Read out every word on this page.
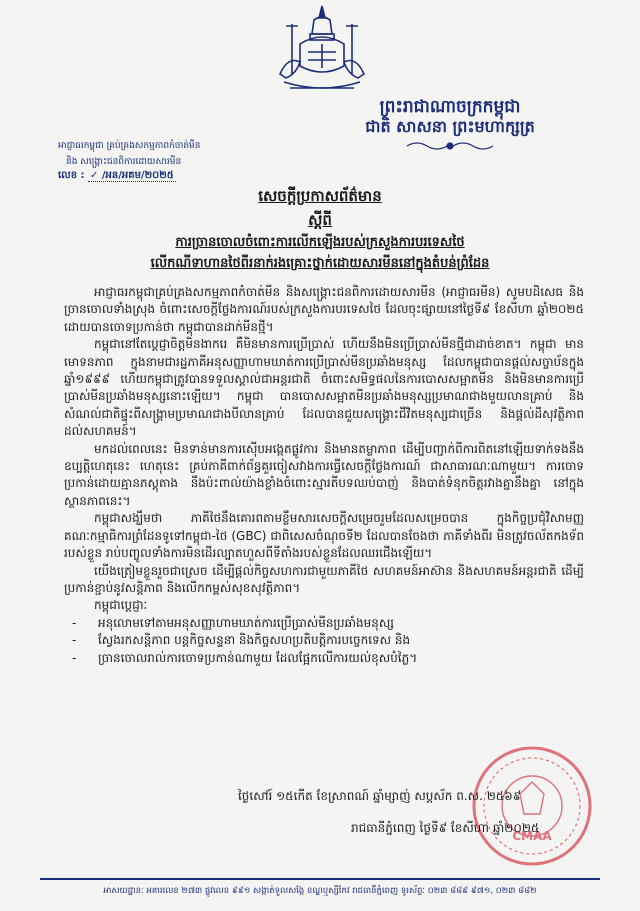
ព្រះរាជាណាចក្រកម្ពុជា
ជាតិ សាសនា ព្រះមហាក្សត្រ
អាជ្ញាធរកម្ពុជា គ្រប់គ្រងសកម្មភាពកំចាត់មីន
និង សង្គ្រោះជនពិការដោយសារមីន
លេខ : ✓ /អន/អគម/២០២៥
សេចក្ដីប្រកាសព័ត៌មាន
ស្ដីពី
ការច្រានចោលចំពោះការលើកឡើងរបស់ក្រសួងការបរទេសថៃ
លើកណីទាហានថៃពីរនាក់រងគ្រោះថ្នាក់ដោយសារមីននៅក្នុងតំបន់ព្រំដែន

អាជ្ញាធរកម្ពុជាគ្រប់គ្រងសកម្មភាពកំចាត់មីន និងសង្គ្រោះជនពិការដោយសារមីន (អាជ្ញាធរមីន) សូមបដិសេធ និងច្រានចោលទាំងស្រុង ចំពោះសេចក្ដីថ្លែងការណ៍របស់ក្រសួងការបរទេសថៃ ដែលចុះផ្សាយនៅថ្ងៃទី៩ ខែសីហា ឆ្នាំ២០២៥ ដោយបានចោទប្រកាន់ថា កម្ពុជាបានដាក់មីនថ្មី។

កម្ពុជានៅតែប្ដេជ្ញាចិត្តមិនងាករេ គឺមិនមានការប្រើប្រាស់ ហើយនឹងមិនប្រើប្រាស់មីនថ្មីជាដាច់ខាត។ កម្ពុជា មានមោទនភាព ក្នុងនាមជារដ្ឋភាគីអនុសញ្ញាហាមឃាត់ការប្រើប្រាស់មីនប្រឆាំងមនុស្ស ដែលកម្ពុជាបានផ្ដល់សច្ចាប័នក្នុងឆ្នាំ១៩៩៩ ហើយកម្ពុជាត្រូវបានទទួលស្គាល់ជាអន្តរជាតិ ចំពោះសមិទ្ធផលនៃការបោសសម្អាតមីន និងមិនមានការប្រើប្រាស់មីនប្រឆាំងមនុស្សនោះឡើយ។ កម្ពុជា បានបោសសម្អាតមីនប្រឆាំងមនុស្សប្រមាណជាងមួយលានគ្រាប់ និងសំណល់ជាតិផ្ទុះពីសង្គ្រាមប្រមាណជាងបីលានគ្រាប់ ដែលបានជួយសង្គ្រោះជីវិតមនុស្សជាច្រើន និងផ្ដល់ដីសុវត្ថិភាពដល់សហគមន៍។

មកដល់ពេលនេះ មិនទាន់មានការស៊ើបអង្កេតផ្លូវការ និងមានតម្លាភាព ដើម្បីបញ្ជាក់ពីការពិតនៅឡើយទាក់ទងនឹងឧប្បត្តិហេតុនេះ ហេតុនេះ គ្រប់ភាគីពាក់ព័ន្ធគួរចៀសវាងការធ្វើសេចក្ដីថ្លែងការណ៍ ជាសាធារណៈណាមួយ។ ការចោទប្រកាន់ដោយគ្មានភស្តុតាង នឹងប៉ះពាល់យ៉ាងខ្លាំងចំពោះស្មារតីបទឈប់បាញ់ និងបាត់ទំនុកចិត្តរវាងគ្នានឹងគ្នា នៅក្នុងស្ថានភាពនេះ។

កម្ពុជាសង្ឃឹមថា ភាគីថៃនឹងគោរពតាមខ្លឹមសារសេចក្ដីសម្រេចរួមដែលសម្រេចបាន ក្នុងកិច្ចប្រជុំវិសាមញ្ញគណៈកម្មាធិការព្រំដែនទូទៅកម្ពុជា-ថៃ (GBC) ជាពិសេសចំណុចទី២ ដែលបានចែងថា ភាគីទាំងពីរ មិនត្រូវចល័តកងទ័ពរបស់ខ្លួន រាប់បញ្ចូលទាំងការមិនដើរល្បាតហួសពីទីតាំងរបស់ខ្លួនដែលឈរជើងឡើយ។

យើងត្រៀមខ្លួនរួចជាស្រេច ដើម្បីផ្ដល់កិច្ចសហការជាមួយភាគីថៃ សហគមន៍អាស៊ាន និងសហគមន៍អន្តរជាតិ ដើម្បីប្រកាន់ខ្ជាប់នូវសន្តិភាព និងលើកកម្ពស់សុខសុវត្ថិភាព។

កម្ពុជាប្ដេជ្ញាៈ

- អនុលោមទៅតាមអនុសញ្ញាហាមឃាត់ការប្រើប្រាស់មីនប្រឆាំងមនុស្ស
- ស្វែងរកសន្តិភាព បន្តកិច្ចសន្ទនា និងកិច្ចសហប្រតិបត្តិការបច្ចេកទេស និង
- ច្រានចោលរាល់ការចោទប្រកាន់ណាមួយ ដែលផ្អែកលើការយល់ខុសបំភ្លៃ។
CMAA
ថ្ងៃសៅរ៍ ១៥កើត ខែស្រាពណ៍ ឆ្នាំម្សាញ់ សប្តស័ក ព.ស. ២៥៦៩
រាជធានីភ្នំពេញ ថ្ងៃទី៩ ខែសីហា ឆ្នាំ២០២៥
អាសយដ្ឋានៈ អគារលេខ ២៧៣ ផ្លូវលេខ ៩៩១ សង្កាត់ទួលសង្កែ ខណ្ឌឬស្សីកែវ រាជធានីភ្នំពេញ ទូរស័ព្ទៈ ០២៣ ៨៨៩ ៩៧១, ០២៣ ៨៨២
